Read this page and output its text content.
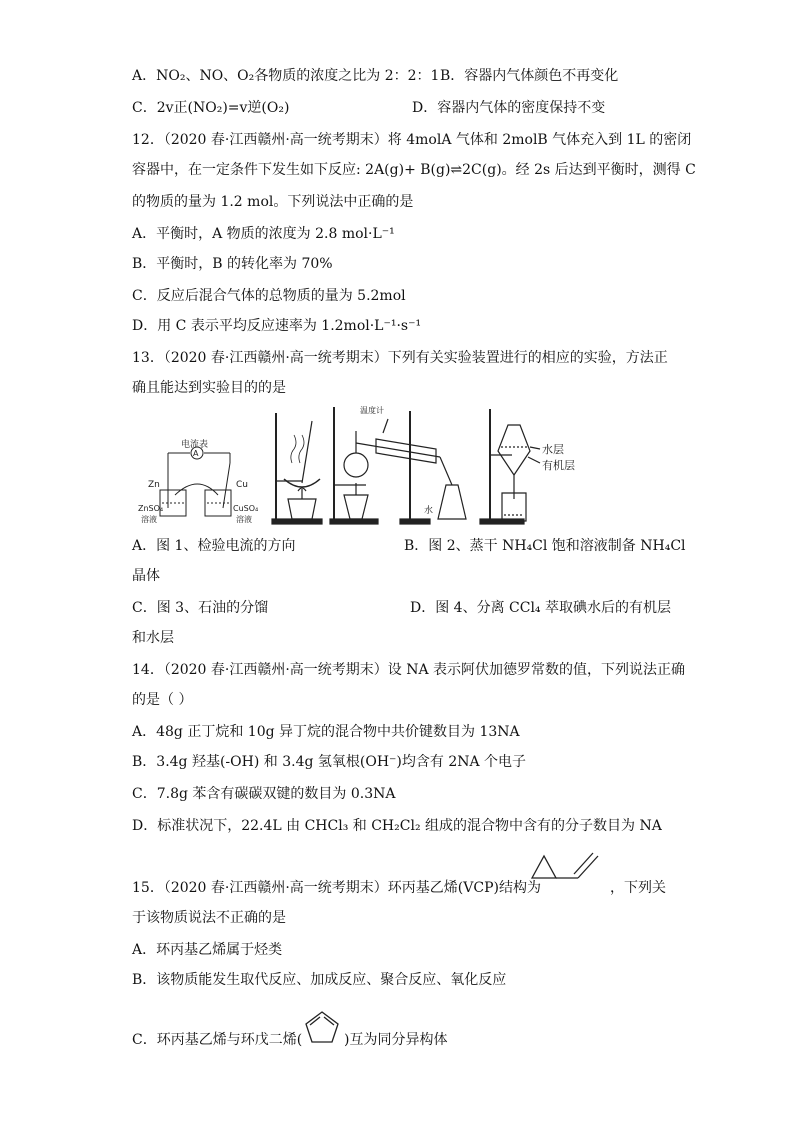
A．NO₂、NO、O₂各物质的浓度之比为 2：2：1 B．容器内气体颜色不再变化
C．2v正(NO₂)=v逆(O₂)	D．容器内气体的密度保持不变
12．（2020 春·江西赣州·高一统考期末）将 4molA 气体和 2molB 气体充入到 1L 的密闭
容器中，在一定条件下发生如下反应: 2A(g)+ B(g)⇌2C(g)。经 2s 后达到平衡时，测得 C
的物质的量为 1.2 mol。下列说法中正确的是
A．平衡时，A 物质的浓度为 2.8 mol·L⁻¹
B．平衡时，B 的转化率为 70%
C．反应后混合气体的总物质的量为 5.2mol
D．用 C 表示平均反应速率为 1.2mol·L⁻¹·s⁻¹
13．（2020 春·江西赣州·高一统考期末）下列有关实验装置进行的相应的实验，方法正
确且能达到实验目的的是
A
电流表
Zn	Cu
ZnSO₄
溶液
CuSO₄
溶液
温度计
水
水层
有机层
A．图 1、检验电流的方向	B．图 2、蒸干 NH₄Cl 饱和溶液制备 NH₄Cl
晶体
C．图 3、石油的分馏	D．图 4、分离 CCl₄ 萃取碘水后的有机层
和水层
14．（2020 春·江西赣州·高一统考期末）设 NA 表示阿伏加德罗常数的值，下列说法正确
的是（ ）
A．48g 正丁烷和 10g 异丁烷的混合物中共价键数目为 13NA
B．3.4g 羟基(-OH) 和 3.4g 氢氧根(OH⁻)均含有 2NA 个电子
C．7.8g 苯含有碳碳双键的数目为 0.3NA
D．标准状况下，22.4L 由 CHCl₃ 和 CH₂Cl₂ 组成的混合物中含有的分子数目为 NA
15．（2020 春·江西赣州·高一统考期末）环丙基乙烯(VCP)结构为	，下列关
于该物质说法不正确的是
A．环丙基乙烯属于烃类
B．该物质能发生取代反应、加成反应、聚合反应、氧化反应
C．环丙基乙烯与环戊二烯(	)互为同分异构体
